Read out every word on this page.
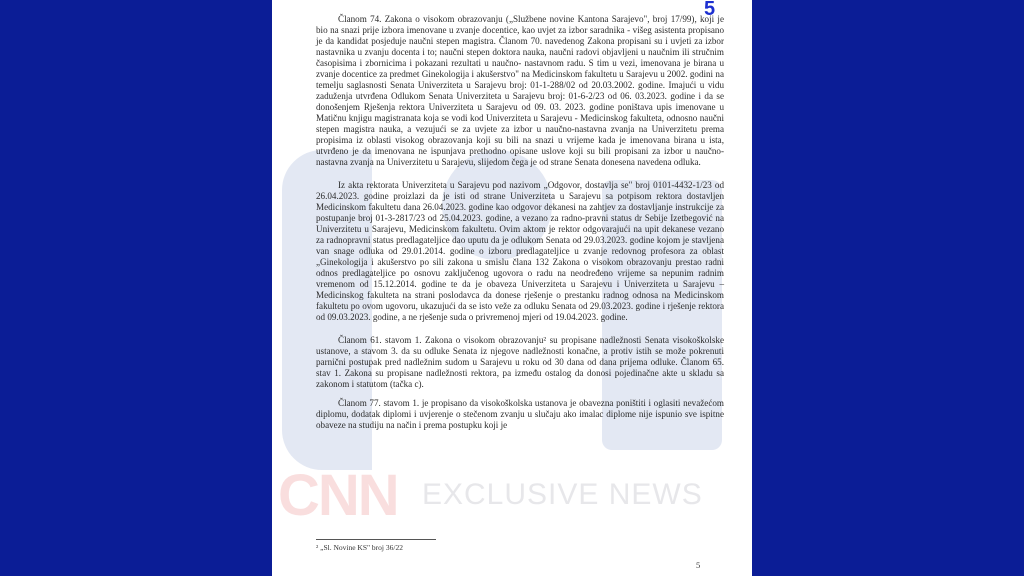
CNN EXCLUSIVE NEWS
5

Članom 74. Zakona o visokom obrazovanju („Službene novine Kantona Sarajevo", broj 17/99), koji je bio na snazi prije izbora imenovane u zvanje docentice, kao uvjet za izbor saradnika - višeg asistenta propisano je da kandidat posjeduje naučni stepen magistra. Članom 70. navedenog Zakona propisani su i uvjeti za izbor nastavnika u zvanju docenta i to; naučni stepen doktora nauka, naučni radovi objavljeni u naučnim ili stručnim časopisima i zbornicima i pokazani rezultati u naučno- nastavnom radu. S tim u vezi, imenovana je birana u zvanje docentice za predmet Ginekologija i akušerstvo" na Medicinskom fakultetu u Sarajevu u 2002. godini na temelju saglasnosti Senata Univerziteta u Sarajevu broj: 01-1-288/02 od 20.03.2002. godine. Imajući u vidu zaduženja utvrđena Odlukom Senata Univerziteta u Sarajevu broj: 01-6-2/23 od 06. 03.2023. godine i da se donošenjem Rješenja rektora Univerziteta u Sarajevu od 09. 03. 2023. godine poništava upis imenovane u Matičnu knjigu magistranata koja se vodi kod Univerziteta u Sarajevu - Medicinskog fakulteta, odnosno naučni stepen magistra nauka, a vezujući se za uvjete za izbor u naučno-nastavna zvanja na Univerzitetu prema propisima iz oblasti visokog obrazovanja koji su bili na snazi u vrijeme kada je imenovana birana u ista, utvrđeno je da imenovana ne ispunjava prethodno opisane uslove koji su bili propisani za izbor u naučno-nastavna zvanja na Univerzitetu u Sarajevu, slijedom čega je od strane Senata donesena navedena odluka.

Iz akta rektorata Univerziteta u Sarajevu pod nazivom „Odgovor, dostavlja se" broj 0101-4432-1/23 od 26.04.2023. godine proizlazi da je isti od strane Univerziteta u Sarajevu sa potpisom rektora dostavljen Medicinskom fakultetu dana 26.04.2023. godine kao odgovor dekanesi na zahtjev za dostavljanje instrukcije za postupanje broj 01-3-2817/23 od 25.04.2023. godine, a vezano za radno-pravni status dr Sebije Izetbegović na Univerzitetu u Sarajevu, Medicinskom fakultetu. Ovim aktom je rektor odgovarajući na upit dekanese vezano za radnopravni status predlagateljice dao uputu da je odlukom Senata od 29.03.2023. godine kojom je stavljena van snage odluka od 29.01.2014. godine o izboru predlagateljice u zvanje redovnog profesora za oblast „Ginekologija i akušerstvo po sili zakona u smislu člana 132 Zakona o visokom obrazovanju prestao radni odnos predlagateljice po osnovu zaključenog ugovora o radu na neodređeno vrijeme sa nepunim radnim vremenom od 15.12.2014. godine te da je obaveza Univerziteta u Sarajevu i Univerziteta u Sarajevu – Medicinskog fakulteta na strani poslodavca da donese rješenje o prestanku radnog odnosa na Medicinskom fakultetu po ovom ugovoru, ukazujući da se isto veže za odluku Senata od 29.03.2023. godine i rješenje rektora od 09.03.2023. godine, a ne rješenje suda o privremenoj mjeri od 19.04.2023. godine.

Članom 61. stavom 1. Zakona o visokom obrazovanju² su propisane nadležnosti Senata visokoškolske ustanove, a stavom 3. da su odluke Senata iz njegove nadležnosti konačne, a protiv istih se može pokrenuti parnični postupak pred nadležnim sudom u Sarajevu u roku od 30 dana od dana prijema odluke. Članom 65. stav 1. Zakona su propisane nadležnosti rektora, pa između ostalog da donosi pojedinačne akte u skladu sa zakonom i statutom (tačka c).

Članom 77. stavom 1. je propisano da visokoškolska ustanova je obavezna poništiti i oglasiti nevažećom diplomu, dodatak diplomi i uvjerenje o stečenom zvanju u slučaju ako imalac diplome nije ispunio sve ispitne obaveze na studiju na način i prema postupku koji je

² „Sl. Novine KS" broj 36/22
5
